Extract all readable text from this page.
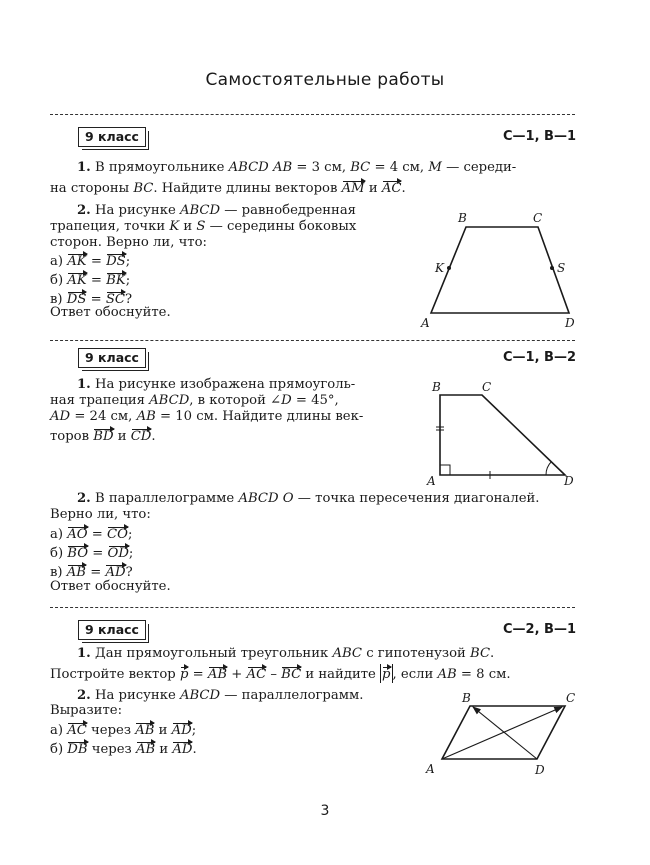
Самостоятельные работы
9 класс	С—1, В—1
1. В прямоугольнике ABCD AB = 3 см, BC = 4 см, M — середи-
на стороны BC. Найдите длины векторов AM и AC.
2. На рисунке ABCD — равнобедренная
трапеция, точки K и S — середины боковых
сторон. Верно ли, что:
а) AK = DS;
б) AK = BK;
в) DS = SC?
Ответ обоснуйте.
B	C
K	S
A	D
9 класс	С—1, В—2
1. На рисунке изображена прямоуголь-
ная трапеция ABCD, в которой ∠D = 45°,
AD = 24 см, AB = 10 см. Найдите длины век-
торов BD и CD.
B	C
A	D
2. В параллелограмме ABCD O — точка пересечения диагоналей.
Верно ли, что:
а) AO = CO;
б) BO = OD;
в) AB = AD?
Ответ обоснуйте.
9 класс	С—2, В—1
1. Дан прямоугольный треугольник ABC с гипотенузой BC.
Постройте вектор p = AB + AC – BC и найдите p , если AB = 8 см.
2. На рисунке ABCD — параллелограмм.
Выразите:
а) AC через AB и AD;
б) DB через AB и AD.
B	C
A	D
3
